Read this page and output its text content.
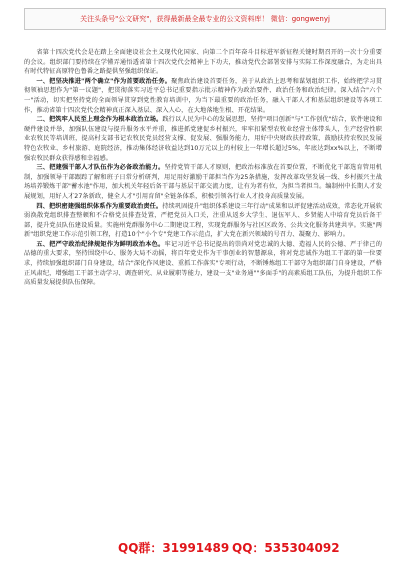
关注头条号"公文研究"，获得最新最全最专业的公文资料库！ 微信：gongwenyj

省第十四次党代会是在踏上全面建设社会主义现代化国家、向第二个百年奋斗目标进军新征程关键时期召开的一次十分重要的会议。组织部门要持续在学懂弄通悟透省第十四次党代会精神上下功夫，推动党代会部署安排与实际工作深度融合，为走出具有时代特征高原特色鲁番之路提供坚强组织保证。

一、把坚决推进"两个确立"作为首要政治任务。聚焦政治建设首要任务，善于从政治上思考和谋划组织工作，始终把学习贯彻领袖思想作为"第一议题"，把贯彻落实习近平总书记重要指示批示精神作为政治要件、政治任务和政治纪律。深入结合"六个一"活动，切实把坚持党的全面领导贯穿到党性教育培训中，为当下最重要的政治任务，融入干部人才和基层组织建设等各项工作，推动省第十四次党代会精神真正深入基层、深入人心，在大地落地生根、开花结果。

二、把筑牢人民至上理念作为根本政治立场。践行以人民为中心的发展思想，坚持"项目创新"与"工作创优"结合，软件建设和硬件建设并举，加强队伍建设与提升服务水平并重，推进抓党建促乡村振兴，牢牢扣紧型农牧业经营主体带头人，生产经营性职业农牧民等培训班，提高村支部书记农牧民党员经营支撑、促发展、强服务能力，用好中央财政扶持政策，鼓励扶持农牧民发展特色农牧业、乡村旅游、庭院经济，推动集体经济收益达到10万元以上的村较上一年增长超过5%，年底达到xx%以上，不断增强农牧民群众获得感和幸福感。

三、把建强干部人才队伍作为必备政治能力。坚持党管干部人才原则，把政治标准放在首要位置，不断优化干部选育管用机制，加强领导干部跟踪了解和班子日常分析研判，用足用好激励干部担当作为25条措施，发挥改革攻坚发展一线、乡村振兴主战场培养锻炼干部"蓄水池"作用，加大机关年轻后备干部与基层干部交流力度，让有为者有位，为担当者担当。编制州中长期人才发展规划，用好人才27条新政，健全人才"引用育留"全链条体系，积极引领各行业人才投身高质量发展。

四、把织密建强组织体系作为重要政治责任。持续巩固提升"组织体系建设三年行动"成果和以评促建活动成效，常态化开展软弱涣散党组织排查整顿和不合格党员排查处置，严把党员入口关，注重从返乡大学生、退伍军人、乡贤能人中培育党员后备干部，提升党员队伍建设质量。实施州党群服务中心二期建设工程，实现党群服务与社区区政务、公共文化服务共建共享。实施"两新"组织党建工作示范引领工程，打造10个"小个专"党建工作示范点，扩大党在新兴领域的号召力、凝聚力、影响力。

五、把严守政治纪律规矩作为鲜明政治本色。牢记习近平总书记提出的崇尚对党忠诚的大德、造福人民的公德、严于律己的品德的重大要求，坚持围绕中心、服务大局不动摇，将百年党史作为干事创业的智慧源泉，将对党忠诚作为组工干部的第一位要求，持续加强组织部门自身建设，结合"深化作风建设、重抓工作落实"专项行动，不断锤炼组工干部守为组织部门自身建设，严格正风肃纪，增强组工干部主动学习、调查研究、从业履职等能力，建设一支"业务通""多面手"的高素质组工队伍，为提升组织工作高质量发展提供队伍保障。

QQ群：31991489 QQ：535304092
